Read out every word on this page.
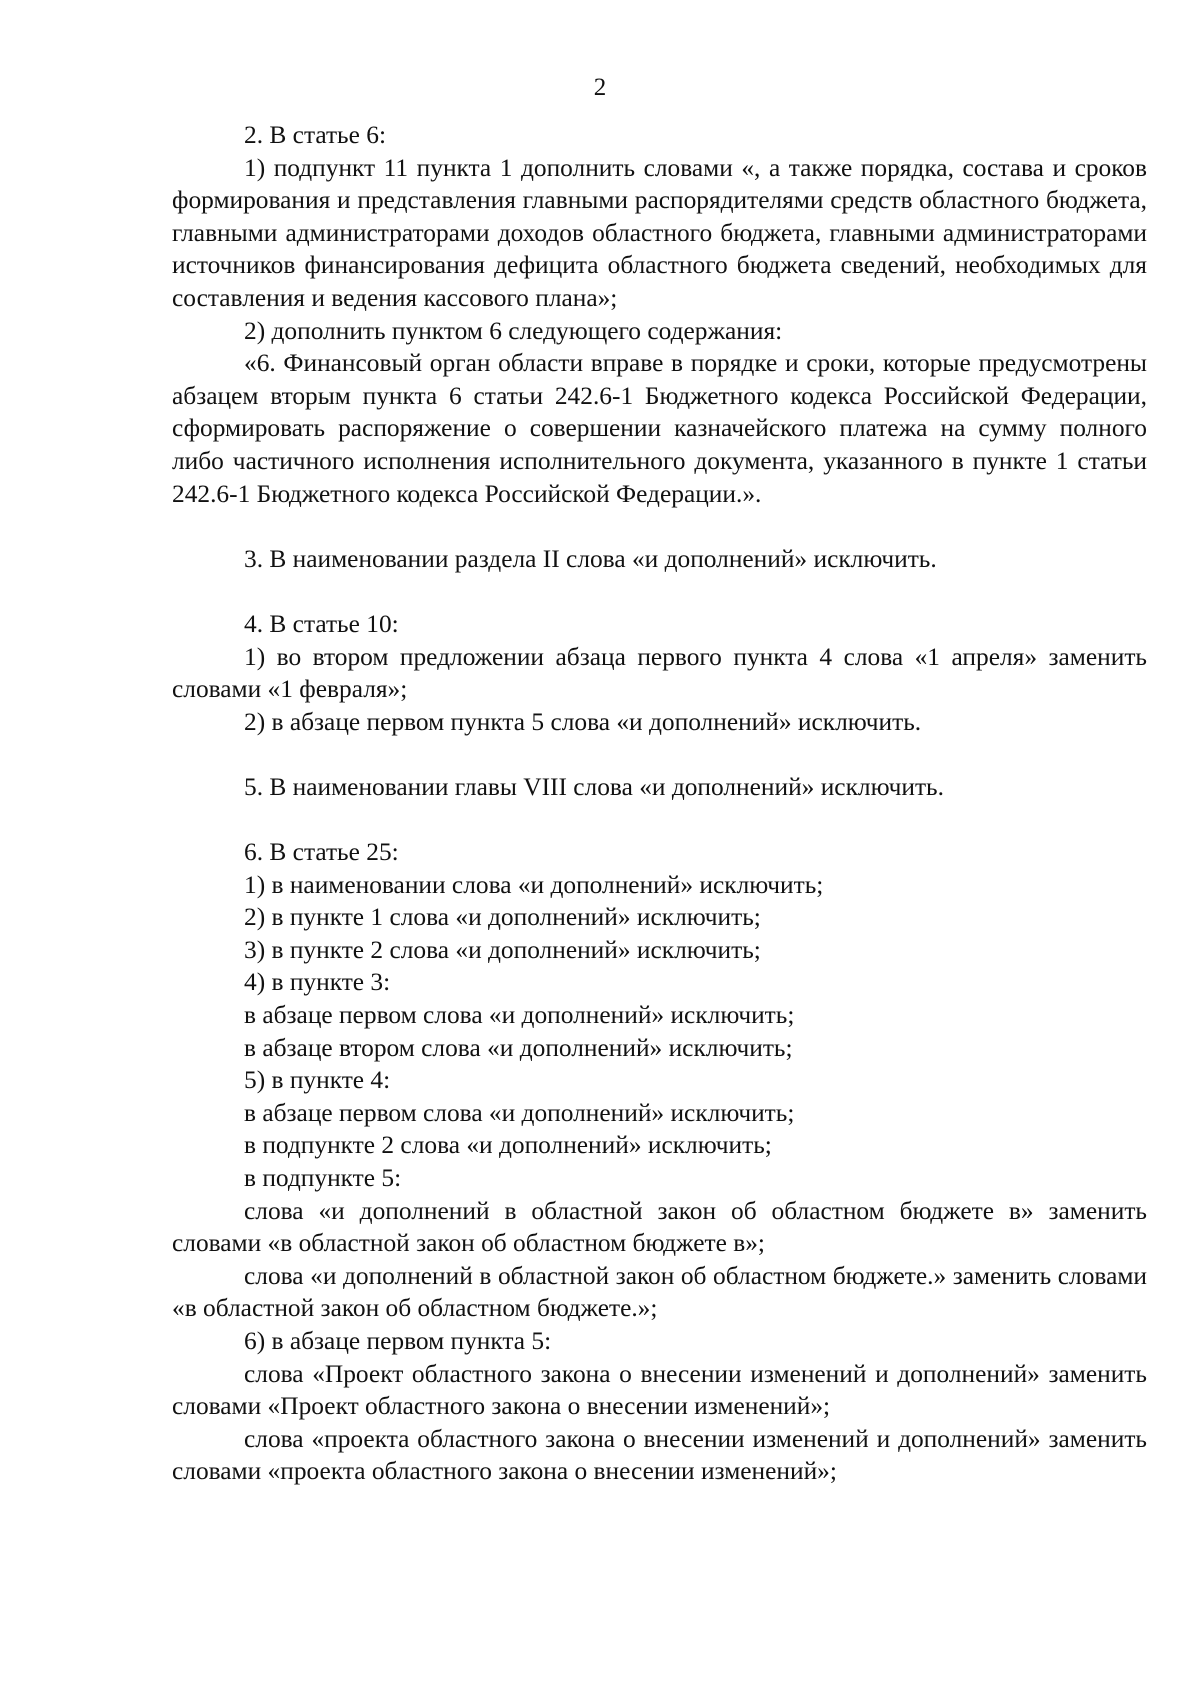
2

2. В статье 6:

1) подпункт 11 пункта 1 дополнить словами «, а также порядка, состава и сроков формирования и представления главными распорядителями средств областного бюджета, главными администраторами доходов областного бюджета, главными администраторами источников финансирования дефицита областного бюджета сведений, необходимых для составления и ведения кассового плана»;

2) дополнить пунктом 6 следующего содержания:

«6. Финансовый орган области вправе в порядке и сроки, которые предусмотрены абзацем вторым пункта 6 статьи 242.6-1 Бюджетного кодекса Российской Федерации, сформировать распоряжение о совершении казначейского платежа на сумму полного либо частичного исполнения исполнительного документа, указанного в пункте 1 статьи 242.6-1 Бюджетного кодекса Российской Федерации.».

3. В наименовании раздела II слова «и дополнений» исключить.

4. В статье 10:

1) во втором предложении абзаца первого пункта 4 слова «1 апреля» заменить словами «1 февраля»;

2) в абзаце первом пункта 5 слова «и дополнений» исключить.

5. В наименовании главы VIII слова «и дополнений» исключить.

6. В статье 25:

1) в наименовании слова «и дополнений» исключить;

2) в пункте 1 слова «и дополнений» исключить;

3) в пункте 2 слова «и дополнений» исключить;

4) в пункте 3:

в абзаце первом слова «и дополнений» исключить;

в абзаце втором слова «и дополнений» исключить;

5) в пункте 4:

в абзаце первом слова «и дополнений» исключить;

в подпункте 2 слова «и дополнений» исключить;

в подпункте 5:

слова «и дополнений в областной закон об областном бюджете в» заменить словами «в областной закон об областном бюджете в»;

слова «и дополнений в областной закон об областном бюджете.» заменить словами «в областной закон об областном бюджете.»;

6) в абзаце первом пункта 5:

слова «Проект областного закона о внесении изменений и дополнений» заменить словами «Проект областного закона о внесении изменений»;

слова «проекта областного закона о внесении изменений и дополнений» заменить словами «проекта областного закона о внесении изменений»;
